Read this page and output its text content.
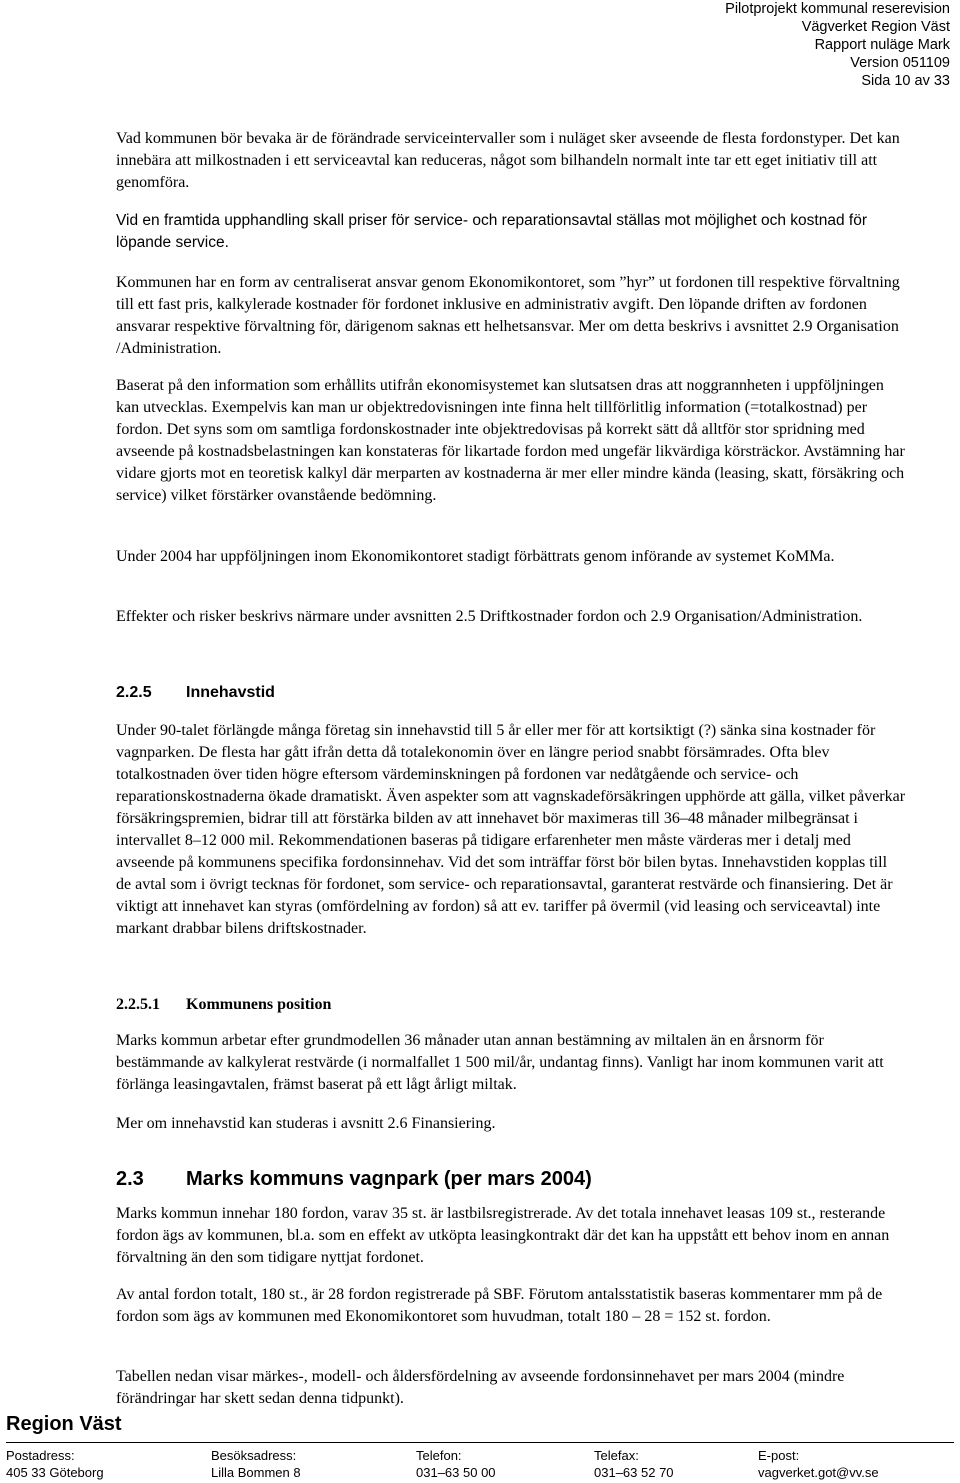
Pilotprojekt kommunal reserevision
Vägverket Region Väst
Rapport nuläge Mark
Version 051109
Sida 10 av 33

Vad kommunen bör bevaka är de förändrade serviceintervaller som i nuläget sker avseende de flesta fordonstyper. Det kan innebära att milkostnaden i ett serviceavtal kan reduceras, något som bilhandeln normalt inte tar ett eget initiativ till att genomföra.

Vid en framtida upphandling skall priser för service- och reparationsavtal ställas mot möjlighet och kostnad för löpande service.

Kommunen har en form av centraliserat ansvar genom Ekonomikontoret, som ”hyr” ut fordonen till respektive förvaltning till ett fast pris, kalkylerade kostnader för fordonet inklusive en administrativ avgift. Den löpande driften av fordonen ansvarar respektive förvaltning för, därigenom saknas ett helhetsansvar. Mer om detta beskrivs i avsnittet 2.9 Organisation /Administration.

Baserat på den information som erhållits utifrån ekonomisystemet kan slutsatsen dras att noggrannheten i uppföljningen kan utvecklas. Exempelvis kan man ur objektredovisningen inte finna helt tillförlitlig information (=totalkostnad) per fordon. Det syns som om samtliga fordonskostnader inte objektredovisas på korrekt sätt då alltför stor spridning med avseende på kostnadsbelastningen kan konstateras för likartade fordon med ungefär likvärdiga körsträckor. Avstämning har vidare gjorts mot en teoretisk kalkyl där merparten av kostnaderna är mer eller mindre kända (leasing, skatt, försäkring och service) vilket förstärker ovanstående bedömning.

Under 2004 har uppföljningen inom Ekonomikontoret stadigt förbättrats genom införande av systemet KoMMa.

Effekter och risker beskrivs närmare under avsnitten 2.5 Driftkostnader fordon och 2.9 Organisation/Administration.

2.2.5 Innehavstid

Under 90-talet förlängde många företag sin innehavstid till 5 år eller mer för att kortsiktigt (?) sänka sina kostnader för vagnparken. De flesta har gått ifrån detta då totalekonomin över en längre period snabbt försämrades. Ofta blev totalkostnaden över tiden högre eftersom värdeminskningen på fordonen var nedåtgående och service- och reparationskostnaderna ökade dramatiskt. Även aspekter som att vagnskadeförsäkringen upphörde att gälla, vilket påverkar försäkringspremien, bidrar till att förstärka bilden av att innehavet bör maximeras till 36–48 månader milbegränsat i intervallet 8–12 000 mil. Rekommendationen baseras på tidigare erfarenheter men måste värderas mer i detalj med avseende på kommunens specifika fordonsinnehav. Vid det som inträffar först bör bilen bytas. Innehavstiden kopplas till de avtal som i övrigt tecknas för fordonet, som service- och reparationsavtal, garanterat restvärde och finansiering. Det är viktigt att innehavet kan styras (omfördelning av fordon) så att ev. tariffer på övermil (vid leasing och serviceavtal) inte markant drabbar bilens driftskostnader.

2.2.5.1 Kommunens position

Marks kommun arbetar efter grundmodellen 36 månader utan annan bestämning av miltalen än en årsnorm för bestämmande av kalkylerat restvärde (i normalfallet 1 500 mil/år, undantag finns). Vanligt har inom kommunen varit att förlänga leasingavtalen, främst baserat på ett lågt årligt miltak.

Mer om innehavstid kan studeras i avsnitt 2.6 Finansiering.

2.3 Marks kommuns vagnpark (per mars 2004)

Marks kommun innehar 180 fordon, varav 35 st. är lastbilsregistrerade. Av det totala innehavet leasas 109 st., resterande fordon ägs av kommunen, bl.a. som en effekt av utköpta leasingkontrakt där det kan ha uppstått ett behov inom en annan förvaltning än den som tidigare nyttjat fordonet.

Av antal fordon totalt, 180 st., är 28 fordon registrerade på SBF. Förutom antalsstatistik baseras kommentarer mm på de fordon som ägs av kommunen med Ekonomikontoret som huvudman, totalt 180 – 28 = 152 st. fordon.

Tabellen nedan visar märkes-, modell- och åldersfördelning av avseende fordonsinnehavet per mars 2004 (mindre förändringar har skett sedan denna tidpunkt).

Region Väst
Postadress:
405 33 Göteborg
Besöksadress:
Lilla Bommen 8
Telefon:
031–63 50 00
Telefax:
031–63 52 70
E-post:
vagverket.got@vv.se
